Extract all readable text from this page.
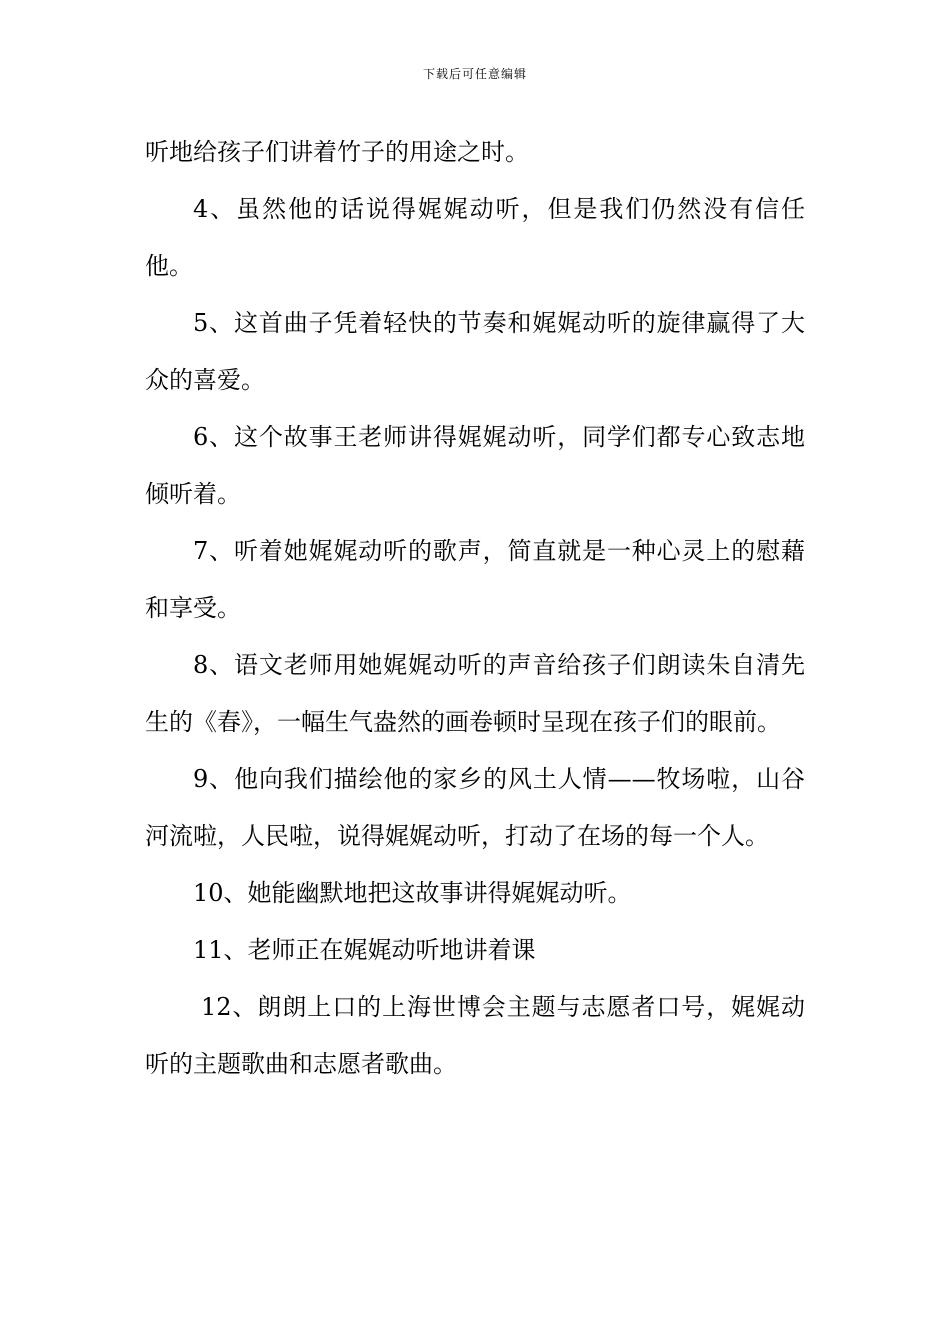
下载后可任意编辑

听地给孩子们讲着竹子的用途之时。

4、虽然他的话说得娓娓动听，但是我们仍然没有信任他。

5、这首曲子凭着轻快的节奏和娓娓动听的旋律赢得了大众的喜爱。

6、这个故事王老师讲得娓娓动听，同学们都专心致志地倾听着。

7、听着她娓娓动听的歌声，简直就是一种心灵上的慰藉和享受。

8、语文老师用她娓娓动听的声音给孩子们朗读朱自清先生的《春》，一幅生气盎然的画卷顿时呈现在孩子们的眼前。

9、他向我们描绘他的家乡的风土人情——牧场啦，山谷河流啦，人民啦，说得娓娓动听，打动了在场的每一个人。

10、她能幽默地把这故事讲得娓娓动听。

11、老师正在娓娓动听地讲着课

12、朗朗上口的上海世博会主题与志愿者口号，娓娓动听的主题歌曲和志愿者歌曲。
